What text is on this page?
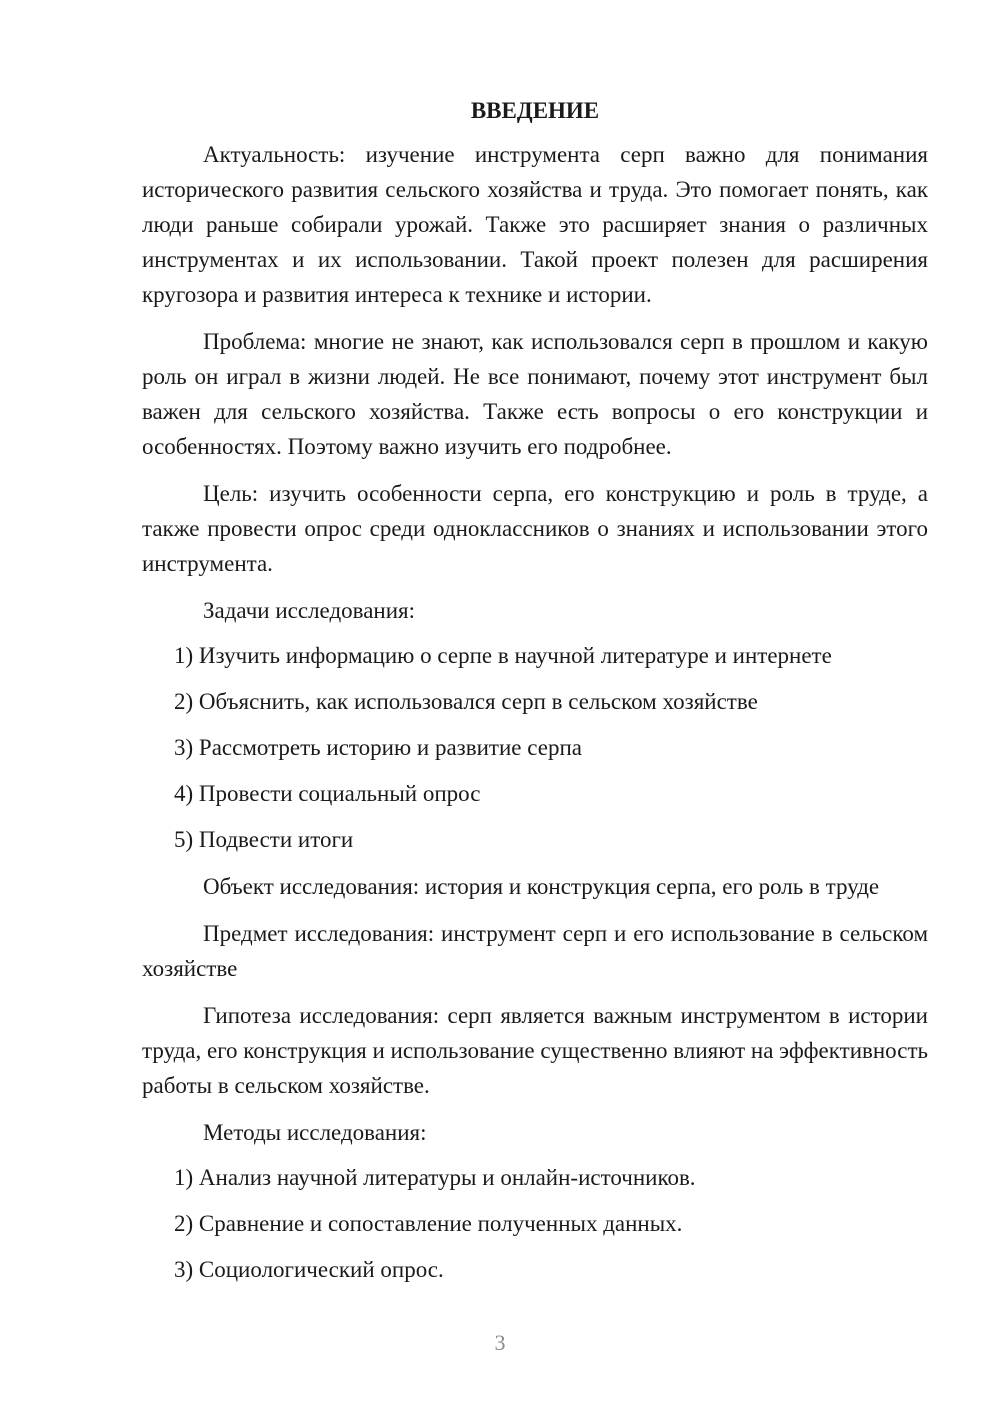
ВВЕДЕНИЕ

Актуальность: изучение инструмента серп важно для понимания исторического развития сельского хозяйства и труда. Это помогает понять, как люди раньше собирали урожай. Также это расширяет знания о различных инструментах и их использовании. Такой проект полезен для расширения кругозора и развития интереса к технике и истории.

Проблема: многие не знают, как использовался серп в прошлом и какую роль он играл в жизни людей. Не все понимают, почему этот инструмент был важен для сельского хозяйства. Также есть вопросы о его конструкции и особенностях. Поэтому важно изучить его подробнее.

Цель: изучить особенности серпа, его конструкцию и роль в труде, а также провести опрос среди одноклассников о знаниях и использовании этого инструмента.

Задачи исследования:
1) Изучить информацию о серпе в научной литературе и интернете
2) Объяснить, как использовался серп в сельском хозяйстве
3) Рассмотреть историю и развитие серпа
4) Провести социальный опрос
5) Подвести итоги

Объект исследования: история и конструкция серпа, его роль в труде

Предмет исследования: инструмент серп и его использование в сельском хозяйстве

Гипотеза исследования: серп является важным инструментом в истории труда, его конструкция и использование существенно влияют на эффективность работы в сельском хозяйстве.

Методы исследования:
1) Анализ научной литературы и онлайн-источников.
2) Сравнение и сопоставление полученных данных.
3) Социологический опрос.
3
